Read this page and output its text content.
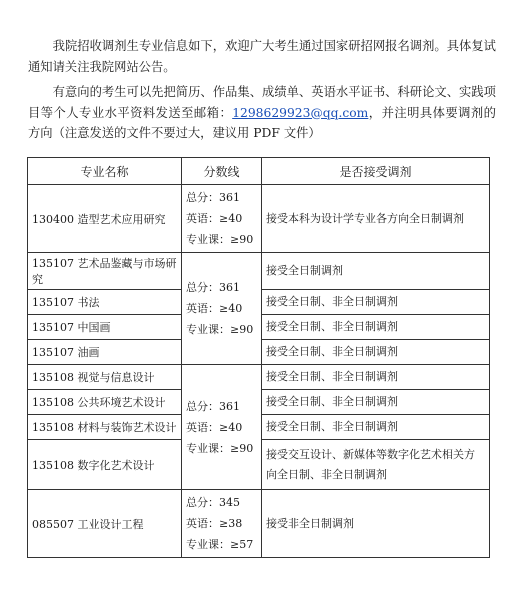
　　我院招收调剂生专业信息如下，欢迎广大考生通过国家研招网报名调剂。具体复试通知请关注我院网站公告。

　　有意向的考生可以先把简历、作品集、成绩单、英语水平证书、科研论文、实践项目等个人专业水平资料发送至邮箱：1298629923@qq.com，并注明具体要调剂的方向（注意发送的文件不要过大，建议用 PDF 文件）

专业名称	分数线	是否接受调剂
130400 造型艺术应用研究	总分：361
英语：≥40
专业课：≥90	接受本科为设计学专业各方向全日制调剂
135107 艺术品鉴藏与市场研究	总分：361
英语：≥40
专业课：≥90	接受全日制调剂
135107 书法		接受全日制、非全日制调剂
135107 中国画		接受全日制、非全日制调剂
135107 油画		接受全日制、非全日制调剂
135108 视觉与信息设计	总分：361
英语：≥40
专业课：≥90	接受全日制、非全日制调剂
135108 公共环境艺术设计		接受全日制、非全日制调剂
135108 材料与装饰艺术设计		接受全日制、非全日制调剂
135108 数字化艺术设计		接受交互设计、新媒体等数字化艺术相关方向全日制、非全日制调剂
085507 工业设计工程	总分：345
英语：≥38
专业课：≥57	接受非全日制调剂
